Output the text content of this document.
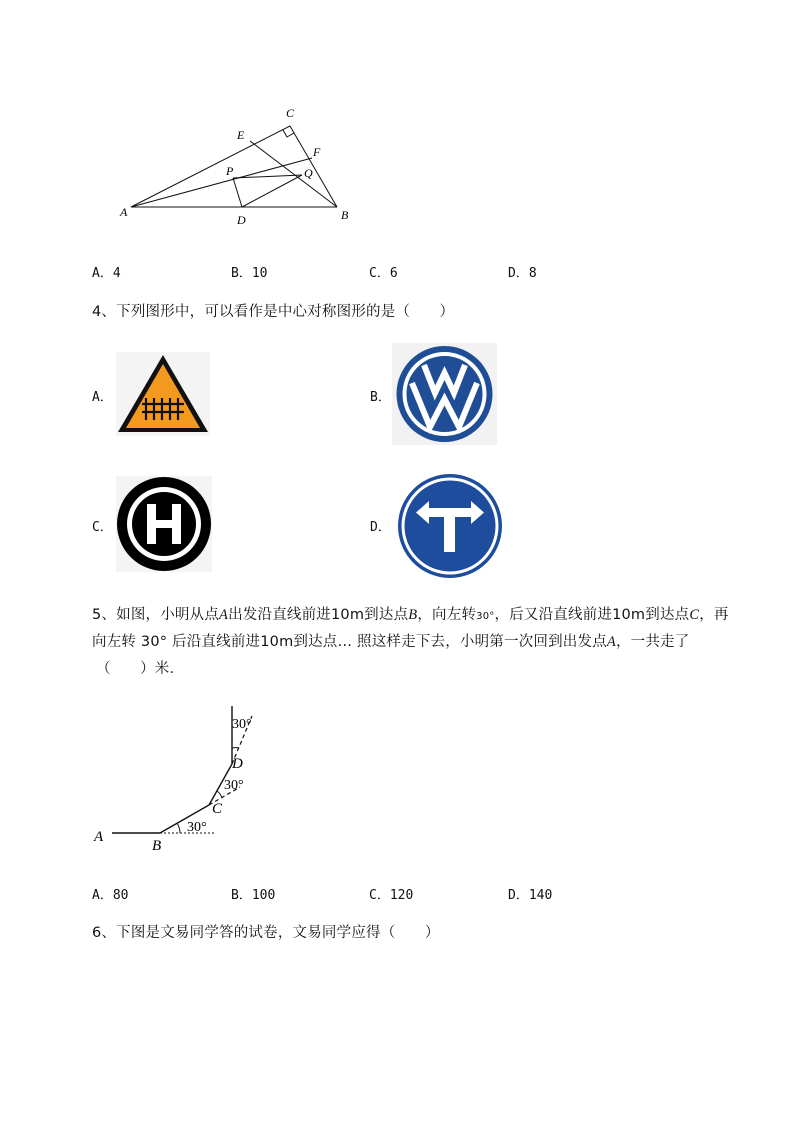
C
E
F
P	Q
A
D	B
A．4	B．10	C．6	D．8
4、下列图形中，可以看作是中心对称图形的是（　　）
A．	B．
C．	D．
5、如图，小明从点A出发沿直线前进10m到达点B，向左转30°，后又沿直线前进10m到达点C，再
向左转 30° 后沿直线前进10m到达点… 照这样走下去，小明第一次回到出发点A，一共走了
（　　）米．
30°
D
30°
C
30°
A
B
A．80	B．100	C．120	D．140
6、下图是文易同学答的试卷，文易同学应得（　　）
